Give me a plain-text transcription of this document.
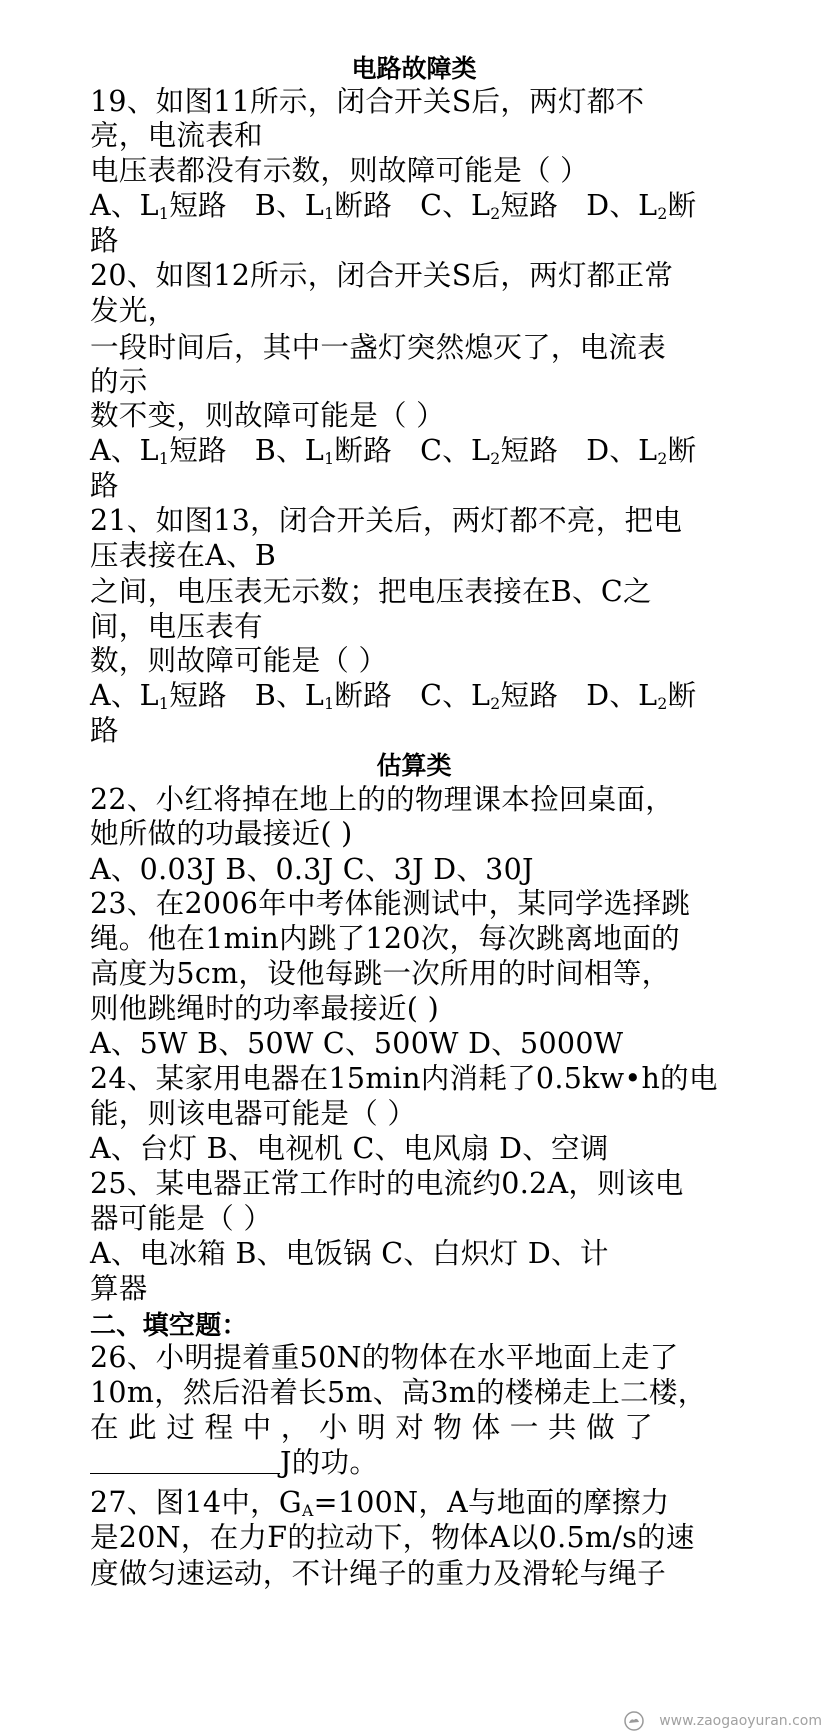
电路故障类
19、如图11所示，闭合开关S后，两灯都不
亮，电流表和
电压表都没有示数，则故障可能是（ ）
A、$L_1$短路 B、$L_1$断路 C、$L_2$短路 D、$L_2$断
路
20、如图12所示，闭合开关S后，两灯都正常
发光，
一段时间后，其中一盏灯突然熄灭了，电流表
的示
数不变，则故障可能是（ ）
A、$L_1$短路 B、$L_1$断路 C、$L_2$短路 D、$L_2$断
路
21、如图13，闭合开关后，两灯都不亮，把电
压表接在A、B
之间，电压表无示数；把电压表接在B、C之
间，电压表有
数，则故障可能是（ ）
A、$L_1$短路 B、$L_1$断路 C、$L_2$短路 D、$L_2$断
路
估算类
22、小红将掉在地上的的物理课本捡回桌面，
她所做的功最接近( )
A、0.03J B、0.3J C、3J D、30J
23、在2006年中考体能测试中，某同学选择跳
绳。他在1min内跳了120次，每次跳离地面的
高度为5cm，设他每跳一次所用的时间相等，
则他跳绳时的功率最接近( )
A、5W B、50W C、500W D、5000W
24、某家用电器在15min内消耗了0.5kw•h的电
能，则该电器可能是（ ）
A、台灯 B、电视机 C、电风扇 D、空调
25、某电器正常工作时的电流约0.2A，则该电
器可能是（ ）
A、电冰箱 B、电饭锅 C、白炽灯 D、计
算器
二、填空题：
26、小明提着重50N的物体在水平地面上走了
10m，然后沿着长5m、高3m的楼梯走上二楼，
在 此 过 程 中 ， 小 明 对 物 体 一 共 做 了
J的功。
27、图14中，$G_A=100N$，A与地面的摩擦力
是20N，在力F的拉动下，物体A以0.5m/s的速
度做匀速运动，不计绳子的重力及滑轮与绳子
www.zaogaoyuran.com
